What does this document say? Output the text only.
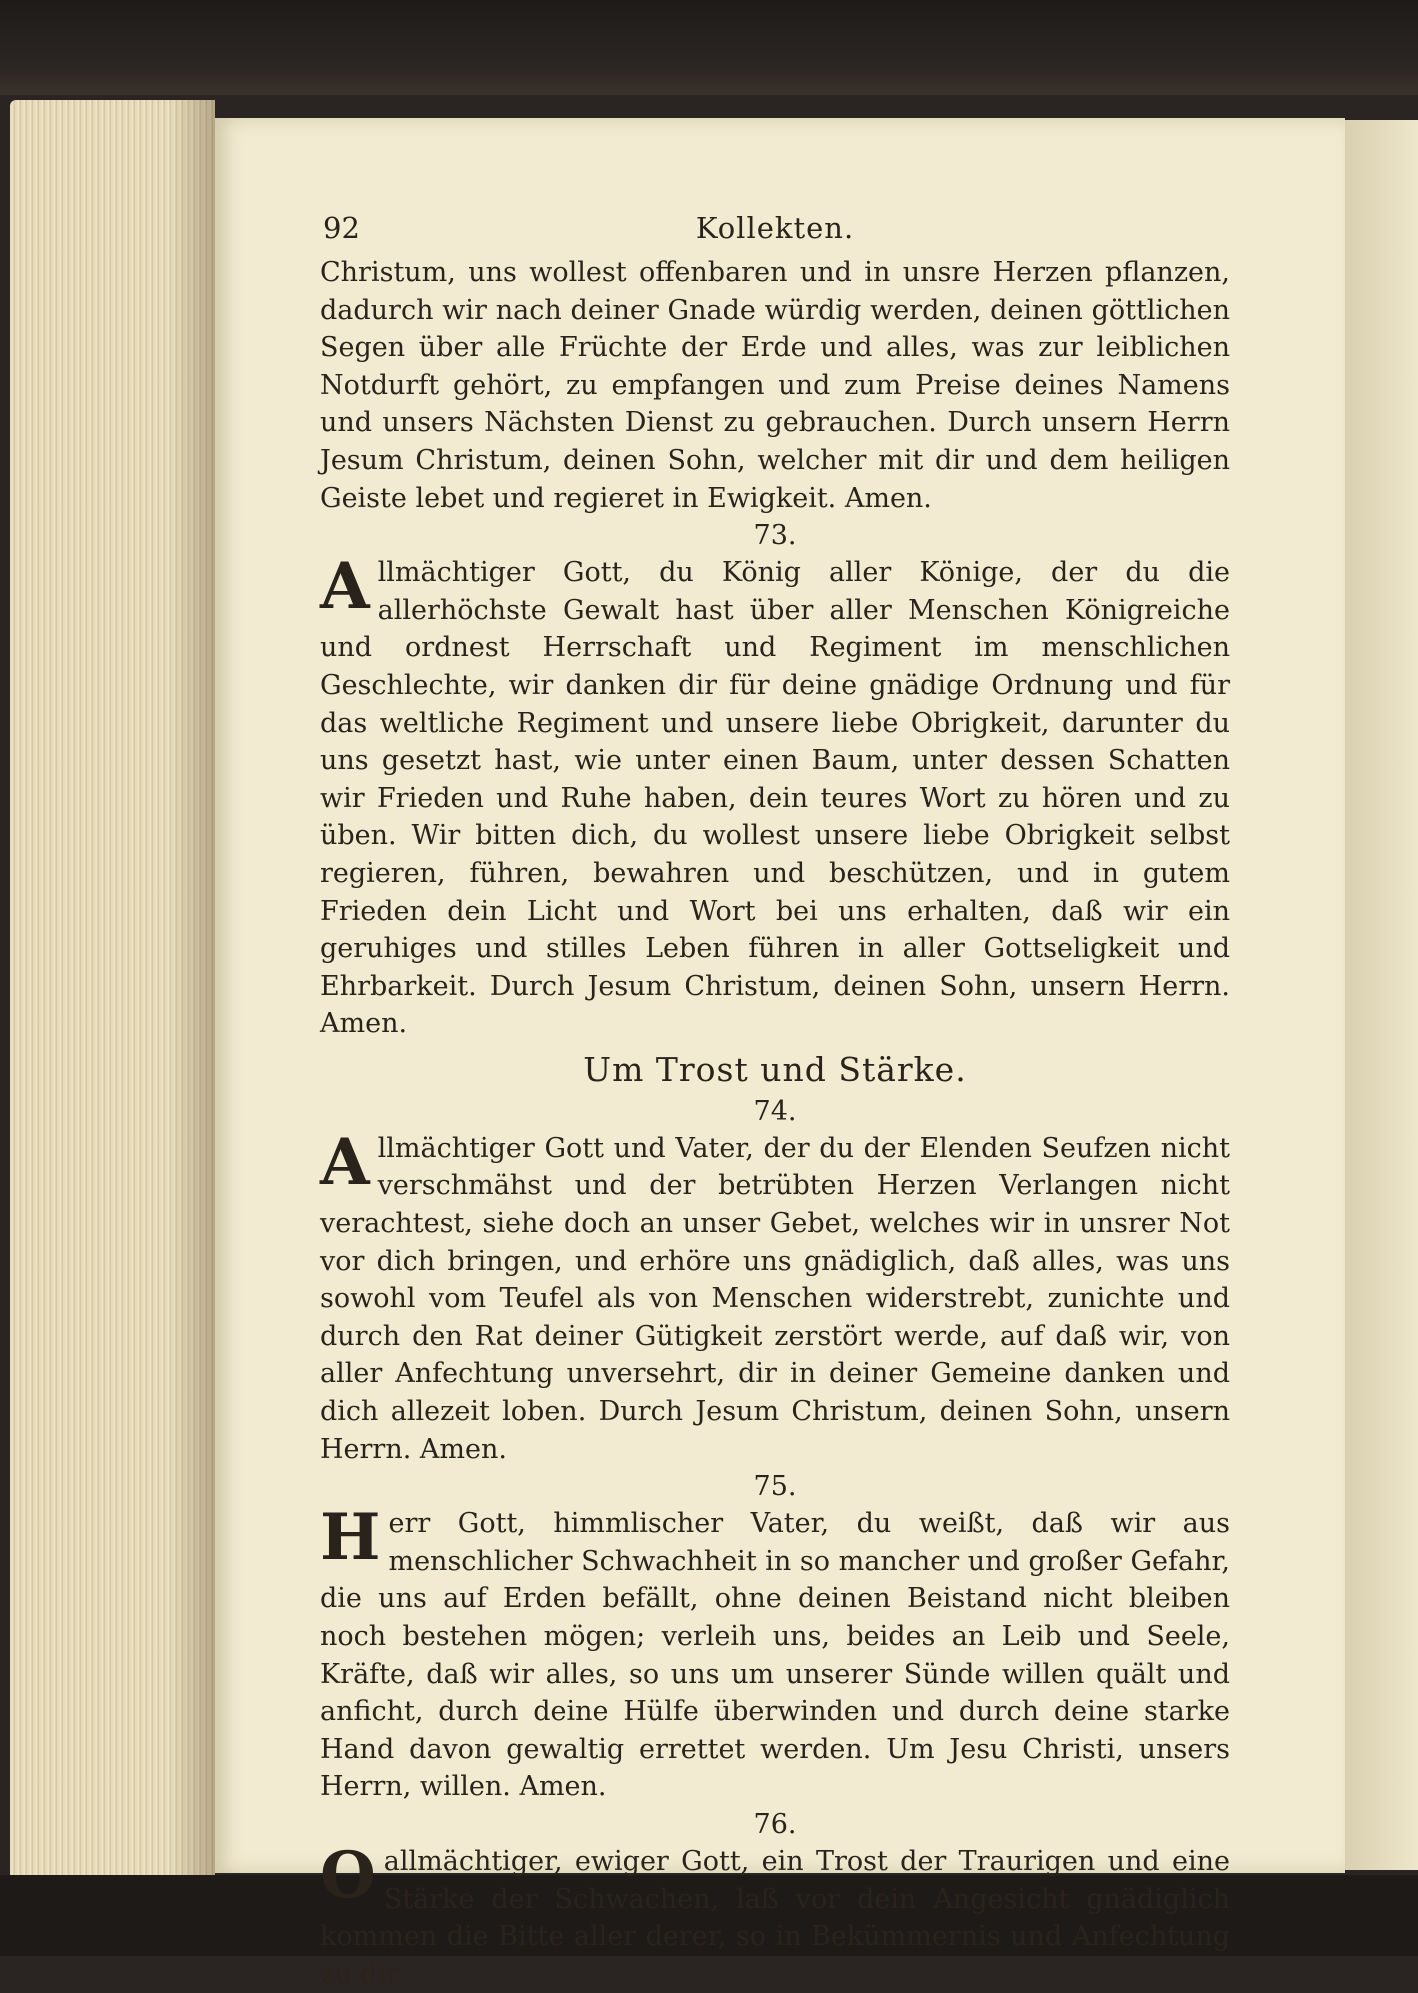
92	Kollekten.

Christum, uns wollest offenbaren und in unsre Herzen pflanzen, dadurch wir nach deiner Gnade würdig werden, deinen göttlichen Segen über alle Früchte der Erde und alles, was zur leiblichen Notdurft gehört, zu empfangen und zum Preise deines Namens und unsers Nächsten Dienst zu gebrauchen. Durch unsern Herrn Jesum Christum, deinen Sohn, welcher mit dir und dem heiligen Geiste lebet und regieret in Ewigkeit. Amen.

73.
A llmächtiger Gott, du König aller Könige, der du die allerhöchste Gewalt hast über aller Menschen Königreiche und ordnest Herrschaft und Regiment im menschlichen Geschlechte, wir danken dir für deine gnädige Ordnung und für das weltliche Regiment und unsere liebe Obrigkeit, darunter du uns gesetzt hast, wie unter einen Baum, unter dessen Schatten wir Frieden und Ruhe haben, dein teures Wort zu hören und zu üben. Wir bitten dich, du wollest unsere liebe Obrigkeit selbst regieren, führen, bewahren und beschützen, und in gutem Frieden dein Licht und Wort bei uns erhalten, daß wir ein geruhiges und stilles Leben führen in aller Gottseligkeit und Ehrbarkeit. Durch Jesum Christum, deinen Sohn, unsern Herrn. Amen.

Um Trost und Stärke.
74.
A llmächtiger Gott und Vater, der du der Elenden Seufzen nicht verschmähst und der betrübten Herzen Verlangen nicht verachtest, siehe doch an unser Gebet, welches wir in unsrer Not vor dich bringen, und erhöre uns gnädiglich, daß alles, was uns sowohl vom Teufel als von Menschen widerstrebt, zunichte und durch den Rat deiner Gütigkeit zerstört werde, auf daß wir, von aller Anfechtung unversehrt, dir in deiner Gemeine danken und dich allezeit loben. Durch Jesum Christum, deinen Sohn, unsern Herrn. Amen.

75.
H err Gott, himmlischer Vater, du weißt, daß wir aus menschlicher Schwachheit in so mancher und großer Gefahr, die uns auf Erden befällt, ohne deinen Beistand nicht bleiben noch bestehen mögen; verleih uns, beides an Leib und Seele, Kräfte, daß wir alles, so uns um unserer Sünde willen quält und anficht, durch deine Hülfe überwinden und durch deine starke Hand davon gewaltig errettet werden. Um Jesu Christi, unsers Herrn, willen. Amen.

76.
O allmächtiger, ewiger Gott, ein Trost der Traurigen und eine Stärke der Schwachen, laß vor dein Angesicht gnädiglich kommen die Bitte aller derer, so in Bekümmernis und Anfechtung zu dir
